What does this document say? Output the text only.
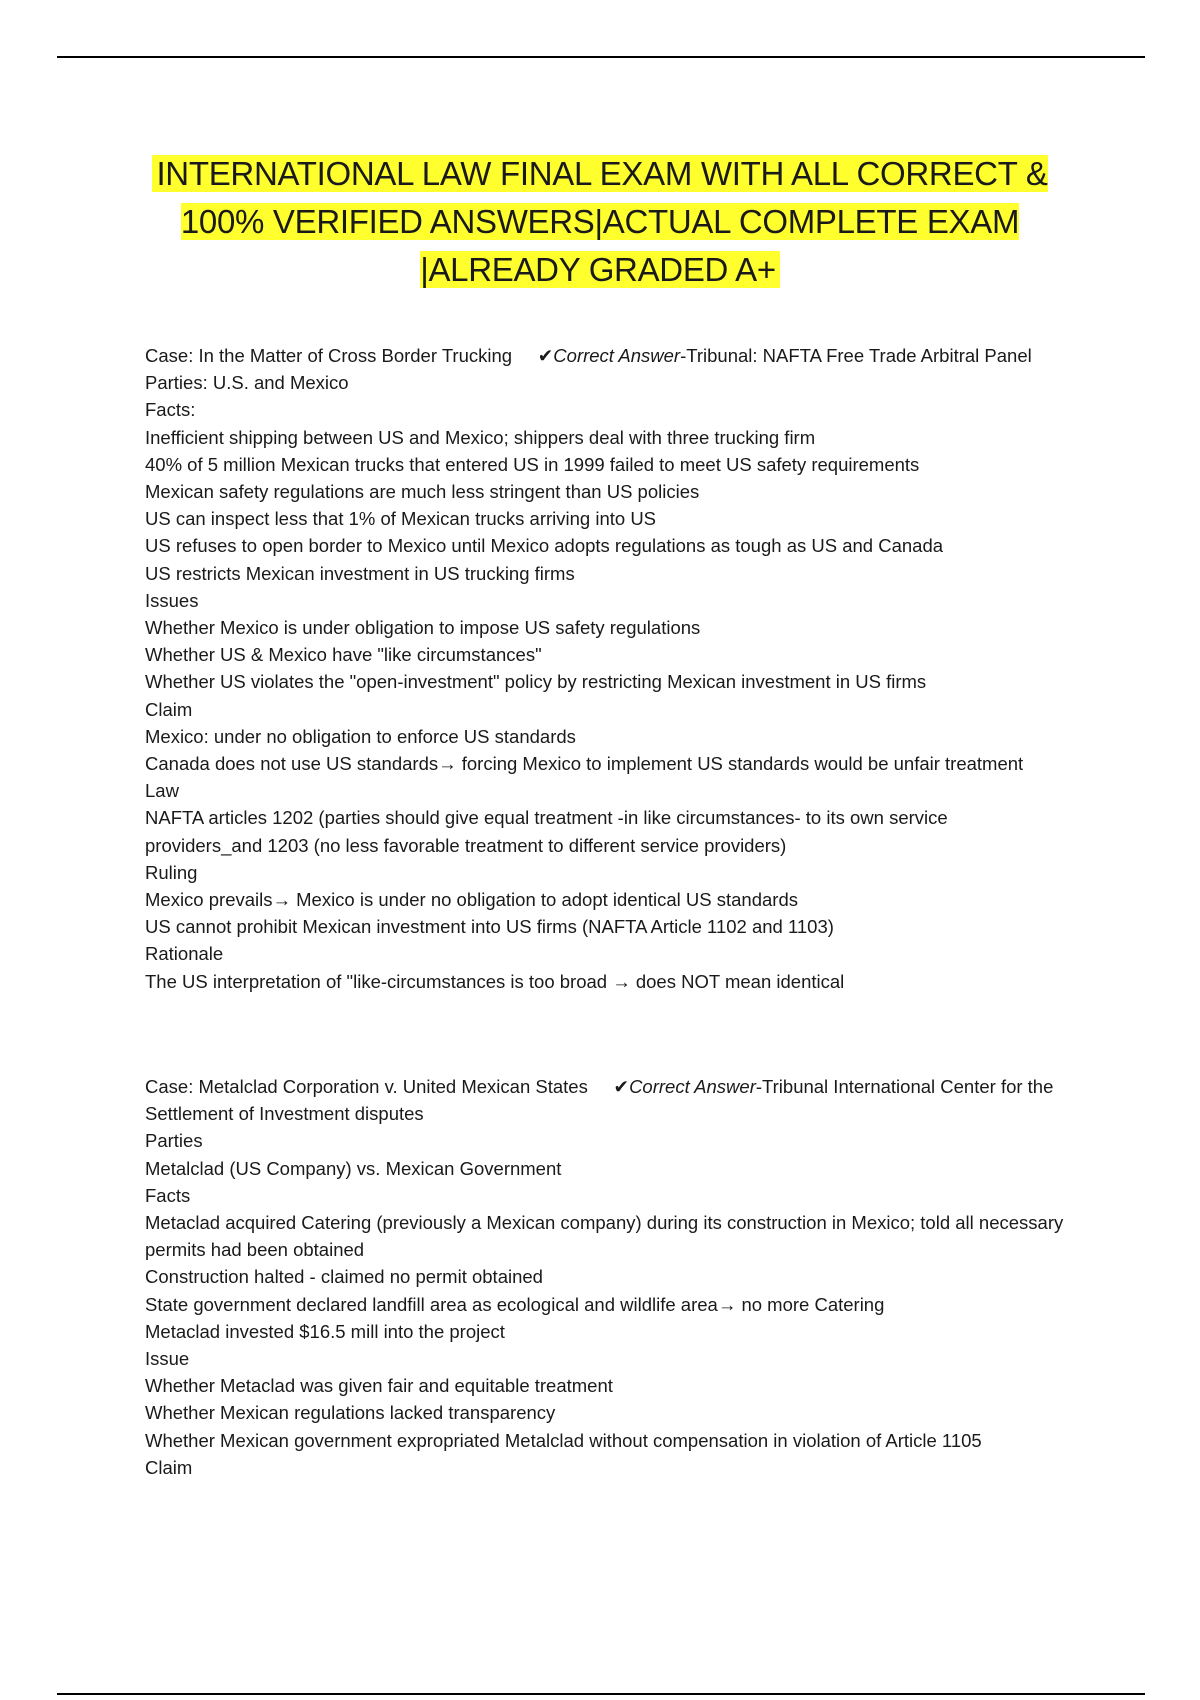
INTERNATIONAL LAW FINAL EXAM WITH ALL CORRECT & 100% VERIFIED ANSWERS|ACTUAL COMPLETE EXAM |ALREADY GRADED A+
Case: In the Matter of Cross Border Trucking ✔Correct Answer-Tribunal: NAFTA Free Trade Arbitral Panel
Parties: U.S. and Mexico
Facts:
Inefficient shipping between US and Mexico; shippers deal with three trucking firm
40% of 5 million Mexican trucks that entered US in 1999 failed to meet US safety requirements
Mexican safety regulations are much less stringent than US policies
US can inspect less that 1% of Mexican trucks arriving into US
US refuses to open border to Mexico until Mexico adopts regulations as tough as US and Canada
US restricts Mexican investment in US trucking firms
Issues
Whether Mexico is under obligation to impose US safety regulations
Whether US & Mexico have "like circumstances"
Whether US violates the "open-investment" policy by restricting Mexican investment in US firms
Claim
Mexico: under no obligation to enforce US standards
Canada does not use US standards→ forcing Mexico to implement US standards would be unfair treatment
Law
NAFTA articles 1202 (parties should give equal treatment -in like circumstances- to its own service providers_and 1203 (no less favorable treatment to different service providers)
Ruling
Mexico prevails→ Mexico is under no obligation to adopt identical US standards
US cannot prohibit Mexican investment into US firms (NAFTA Article 1102 and 1103)
Rationale
The US interpretation of "like-circumstances is too broad → does NOT mean identical
Case: Metalclad Corporation v. United Mexican States ✔Correct Answer-Tribunal International Center for the Settlement of Investment disputes
Parties
Metalclad (US Company) vs. Mexican Government
Facts
Metaclad acquired Catering (previously a Mexican company) during its construction in Mexico; told all necessary permits had been obtained
Construction halted - claimed no permit obtained
State government declared landfill area as ecological and wildlife area→ no more Catering
Metaclad invested $16.5 mill into the project
Issue
Whether Metaclad was given fair and equitable treatment
Whether Mexican regulations lacked transparency
Whether Mexican government expropriated Metalclad without compensation in violation of Article 1105
Claim
